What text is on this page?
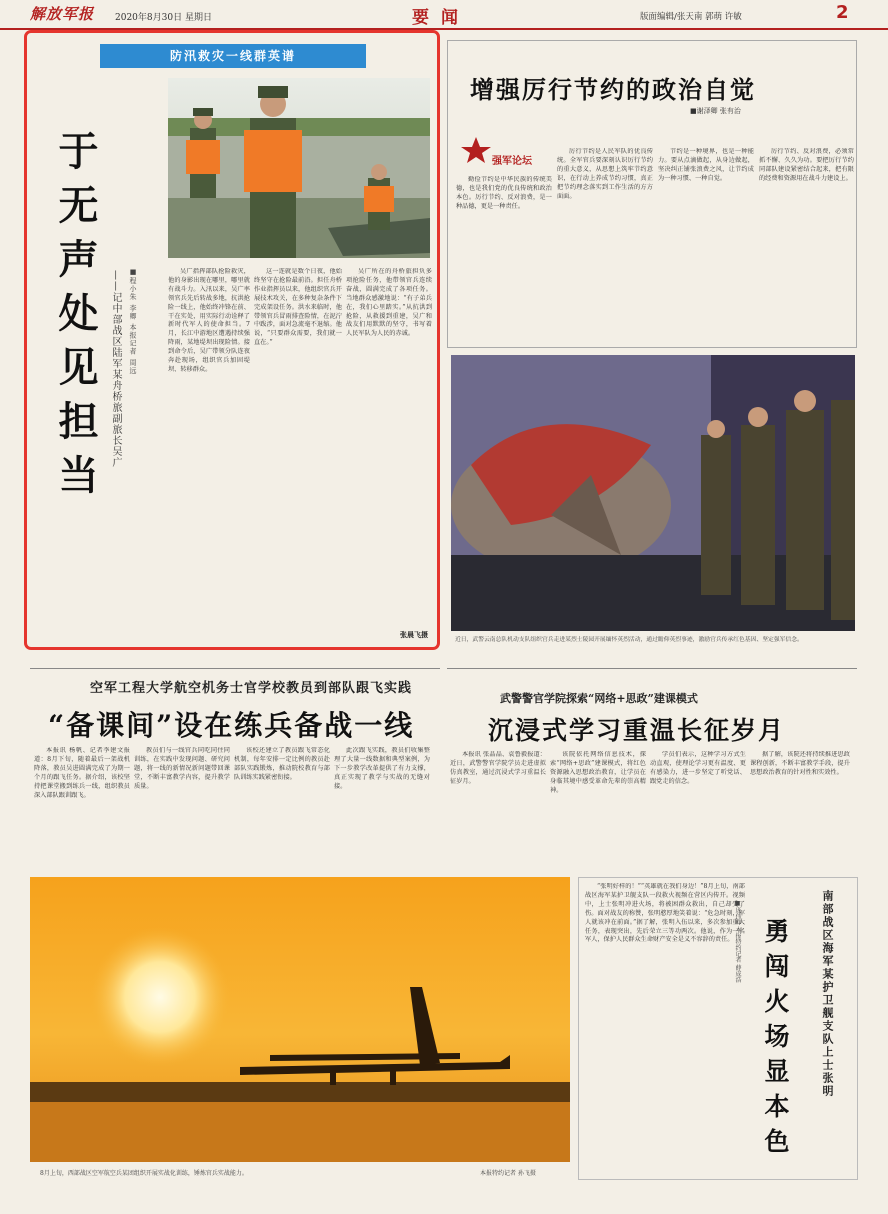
解放军报 2020年8月30日 星期日	要闻	版面编辑/张天南 郭萌 许敏	2
防汛救灾一线群英谱
于无声处见担当 ——记中部战区陆军某舟桥旅副旅长吴广 ■程小朱 李卿 本报记者 周远	吴广指挥部队抢险救灾，他的身影出现在哪里，哪里就有战斗力。入汛以来，吴广率领官兵先后转战多地，抗洪抢险一线上，他始终冲锋在前、干在实处，用实际行动诠释了新时代军人的使命担当。7月，长江中游地区遭遇持续强降雨，某地堤坝出现险情。接到命令后，吴广带领分队连夜奔赴现场，组织官兵加固堤坝、转移群众。

这一连就是数个日夜，他始终坚守在抢险最前沿。担任舟桥作业指挥员以来，他组织官兵开展技术攻关，在多种复杂条件下完成架设任务。洪水来临时，他带领官兵冒雨排查险情，在泥泞中跋涉，面对急流毫不退缩。他说，“只要群众需要，我们就一直在。”

吴广所在的舟桥旅担负多项抢险任务，他带领官兵连续奋战，圆满完成了各项任务。当地群众感激地说：“有子弟兵在，我们心里踏实。”从抗洪到抢险，从救援到重建，吴广和战友们用默默的坚守，书写着人民军队为人民的赤诚。

张晨飞摄
增强厉行节约的政治自觉
■谢泽卿 张有治
强军论坛

勤俭节约是中华民族的传统美德，也是我们党的优良传统和政治本色。厉行节约、反对浪费，是一种品德，更是一种责任。

厉行节约是人民军队的优良传统。全军官兵要深刻认识厉行节约的重大意义，从思想上筑牢节约意识，在行动上养成节约习惯，真正把节约理念落实到工作生活的方方面面。

节约是一种境界，也是一种能力。要从点滴做起，从身边做起，坚决纠正铺张浪费之风，让节约成为一种习惯、一种自觉。

厉行节约、反对浪费，必须常抓不懈、久久为功。要把厉行节约同部队建设紧密结合起来，把有限的经费和资源用在战斗力建设上。

近日，武警云南总队机动支队组织官兵走进某烈士陵园开展缅怀英烈活动，通过瞻仰英烈事迹，激励官兵传承红色基因、坚定强军信念。
空军工程大学航空机务士官学校教员到部队跟飞实践
“备课间”设在练兵备战一线

本报讯 杨帆、记者李建文报道：8月下旬，随着最后一架战机降落，教员吴进圆满完成了为期一个月的跟飞任务。据介绍，该校坚持把课堂搬到练兵一线，组织教员深入部队跟训跟飞。

教员们与一线官兵同吃同住同训练，在实践中发现问题、研究问题，将一线的新情况新问题带回课堂，不断丰富教学内容，提升教学质量。

该校还建立了教员跟飞常态化机制，每年安排一定比例的教员赴部队实践锻炼，推动院校教育与部队训练实践紧密衔接。

此次跟飞实践，教员们收集整理了大量一线数据和典型案例，为下一步教学改革提供了有力支撑，真正实现了教学与实战的无缝对接。

武警警官学院探索“网络+思政”建课模式
沉浸式学习重温长征岁月

本报讯 张晶晶、袁鲁毅报道：近日，武警警官学院学员走进虚拟仿真教室，通过沉浸式学习重温长征岁月。

该院依托网络信息技术，探索“网络+思政”建课模式，将红色资源融入思想政治教育，让学员在身临其境中感受革命先辈的崇高精神。

学员们表示，这种学习方式生动直观，使理论学习更有温度、更有感染力，进一步坚定了听党话、跟党走的信念。

据了解，该院还将持续推进思政课程创新，不断丰富教学手段，提升思想政治教育的针对性和实效性。

8月上旬，西部战区空军航空兵某团组织开展实战化训练，锤炼官兵实战能力。	本报特约记者 孙飞摄

“张明好样的！”“英雄就在我们身边！”8月上旬，南部战区海军某护卫舰支队一段救火视频在营区内传开。视频中，上士张明冲进火场，将被困群众救出，自己却受了伤。面对战友的称赞，张明憨厚地笑着说：“危急时刻，军人就该冲在前面。”据了解，张明入伍以来，多次参加重大任务，表现突出，先后荣立三等功两次。他说，作为一名军人，保护人民群众生命财产安全是义不容辞的责任。 ■庞伟峰 本报特约记者 薛成浩 勇闯火场显本色	南部战区海军某护卫舰支队上士张明
